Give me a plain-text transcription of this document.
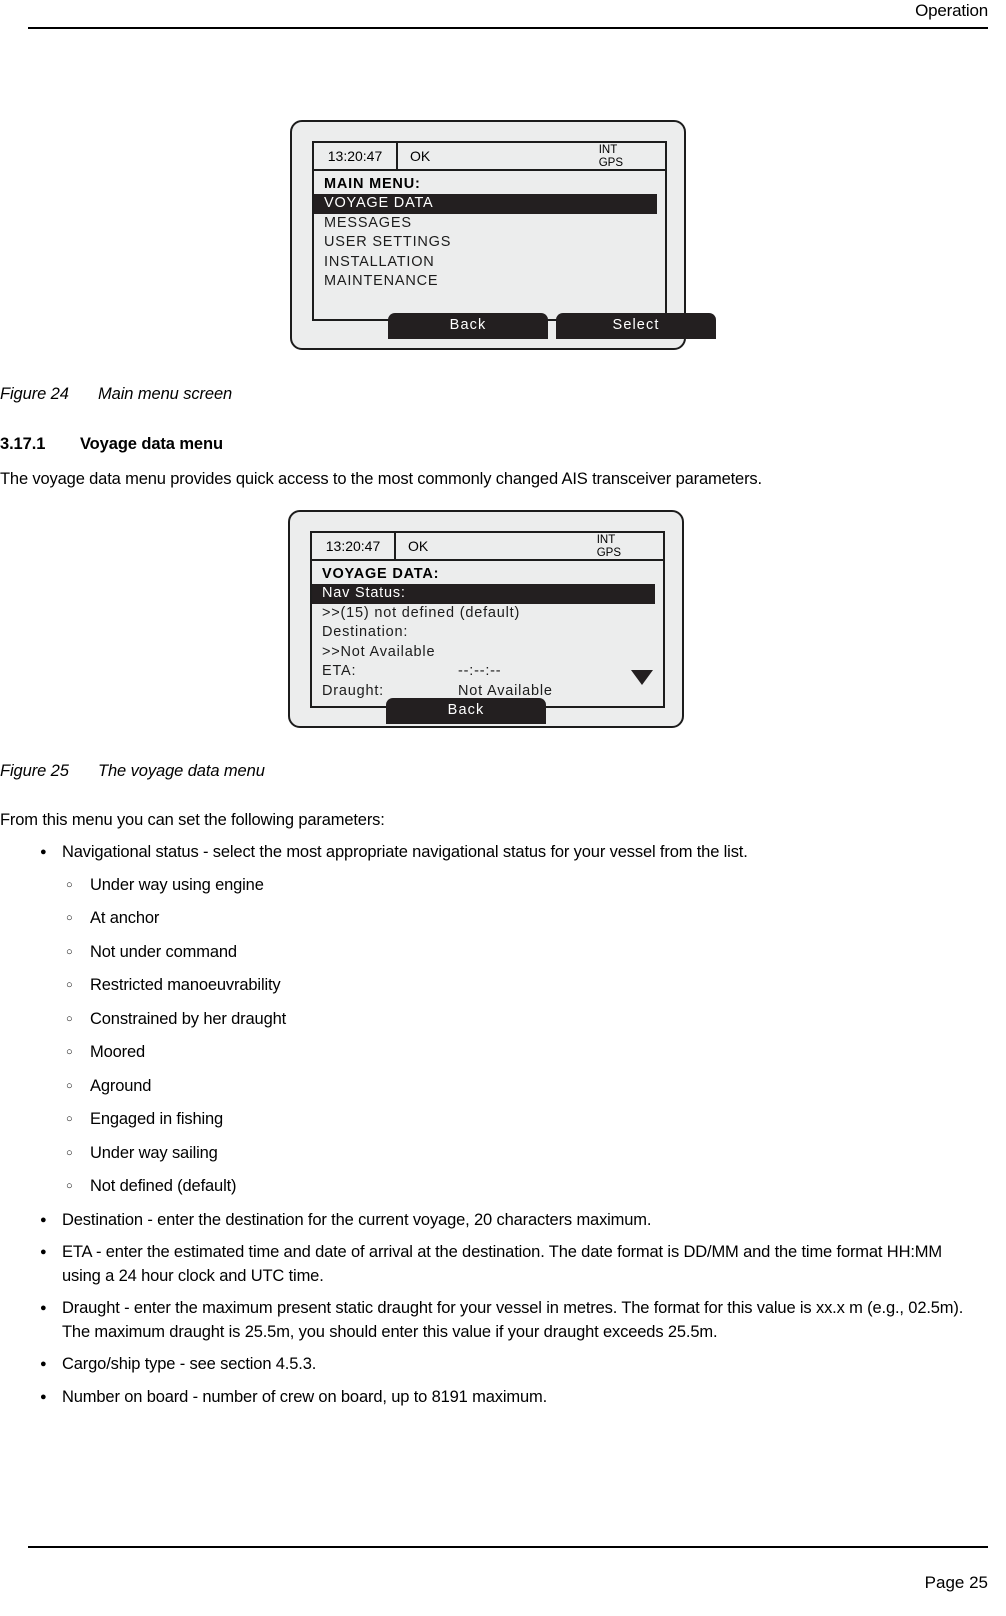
Operation
13:20:47	OK	INT
GPS
MAIN MENU:
VOYAGE DATA
MESSAGES
USER SETTINGS
INSTALLATION
MAINTENANCE
Back	Select
Figure 24 Main menu screen
3.17.1 Voyage data menu

The voyage data menu provides quick access to the most commonly changed AIS transceiver parameters.

13:20:47	OK	INT
GPS
VOYAGE DATA:
Nav Status:
>>(15) not defined (default)
Destination:
>>Not Available
ETA:	--:--:--
Draught:	Not Available
Back
Figure 25 The voyage data menu

From this menu you can set the following parameters:

● Navigational status - select the most appropriate navigational status for your vessel from the list.
○ Under way using engine
○ At anchor
○ Not under command
○ Restricted manoeuvrability
○ Constrained by her draught
○ Moored
○ Aground
○ Engaged in fishing
○ Under way sailing
○ Not defined (default)
● Destination - enter the destination for the current voyage, 20 characters maximum.
● ETA - enter the estimated time and date of arrival at the destination. The date format is DD/MM and the time format HH:MM using a 24 hour clock and UTC time.
● Draught - enter the maximum present static draught for your vessel in metres. The format for this value is xx.x m (e.g., 02.5m). The maximum draught is 25.5m, you should enter this value if your draught exceeds 25.5m.
● Cargo/ship type - see section 4.5.3.
● Number on board - number of crew on board, up to 8191 maximum.
Page 25
